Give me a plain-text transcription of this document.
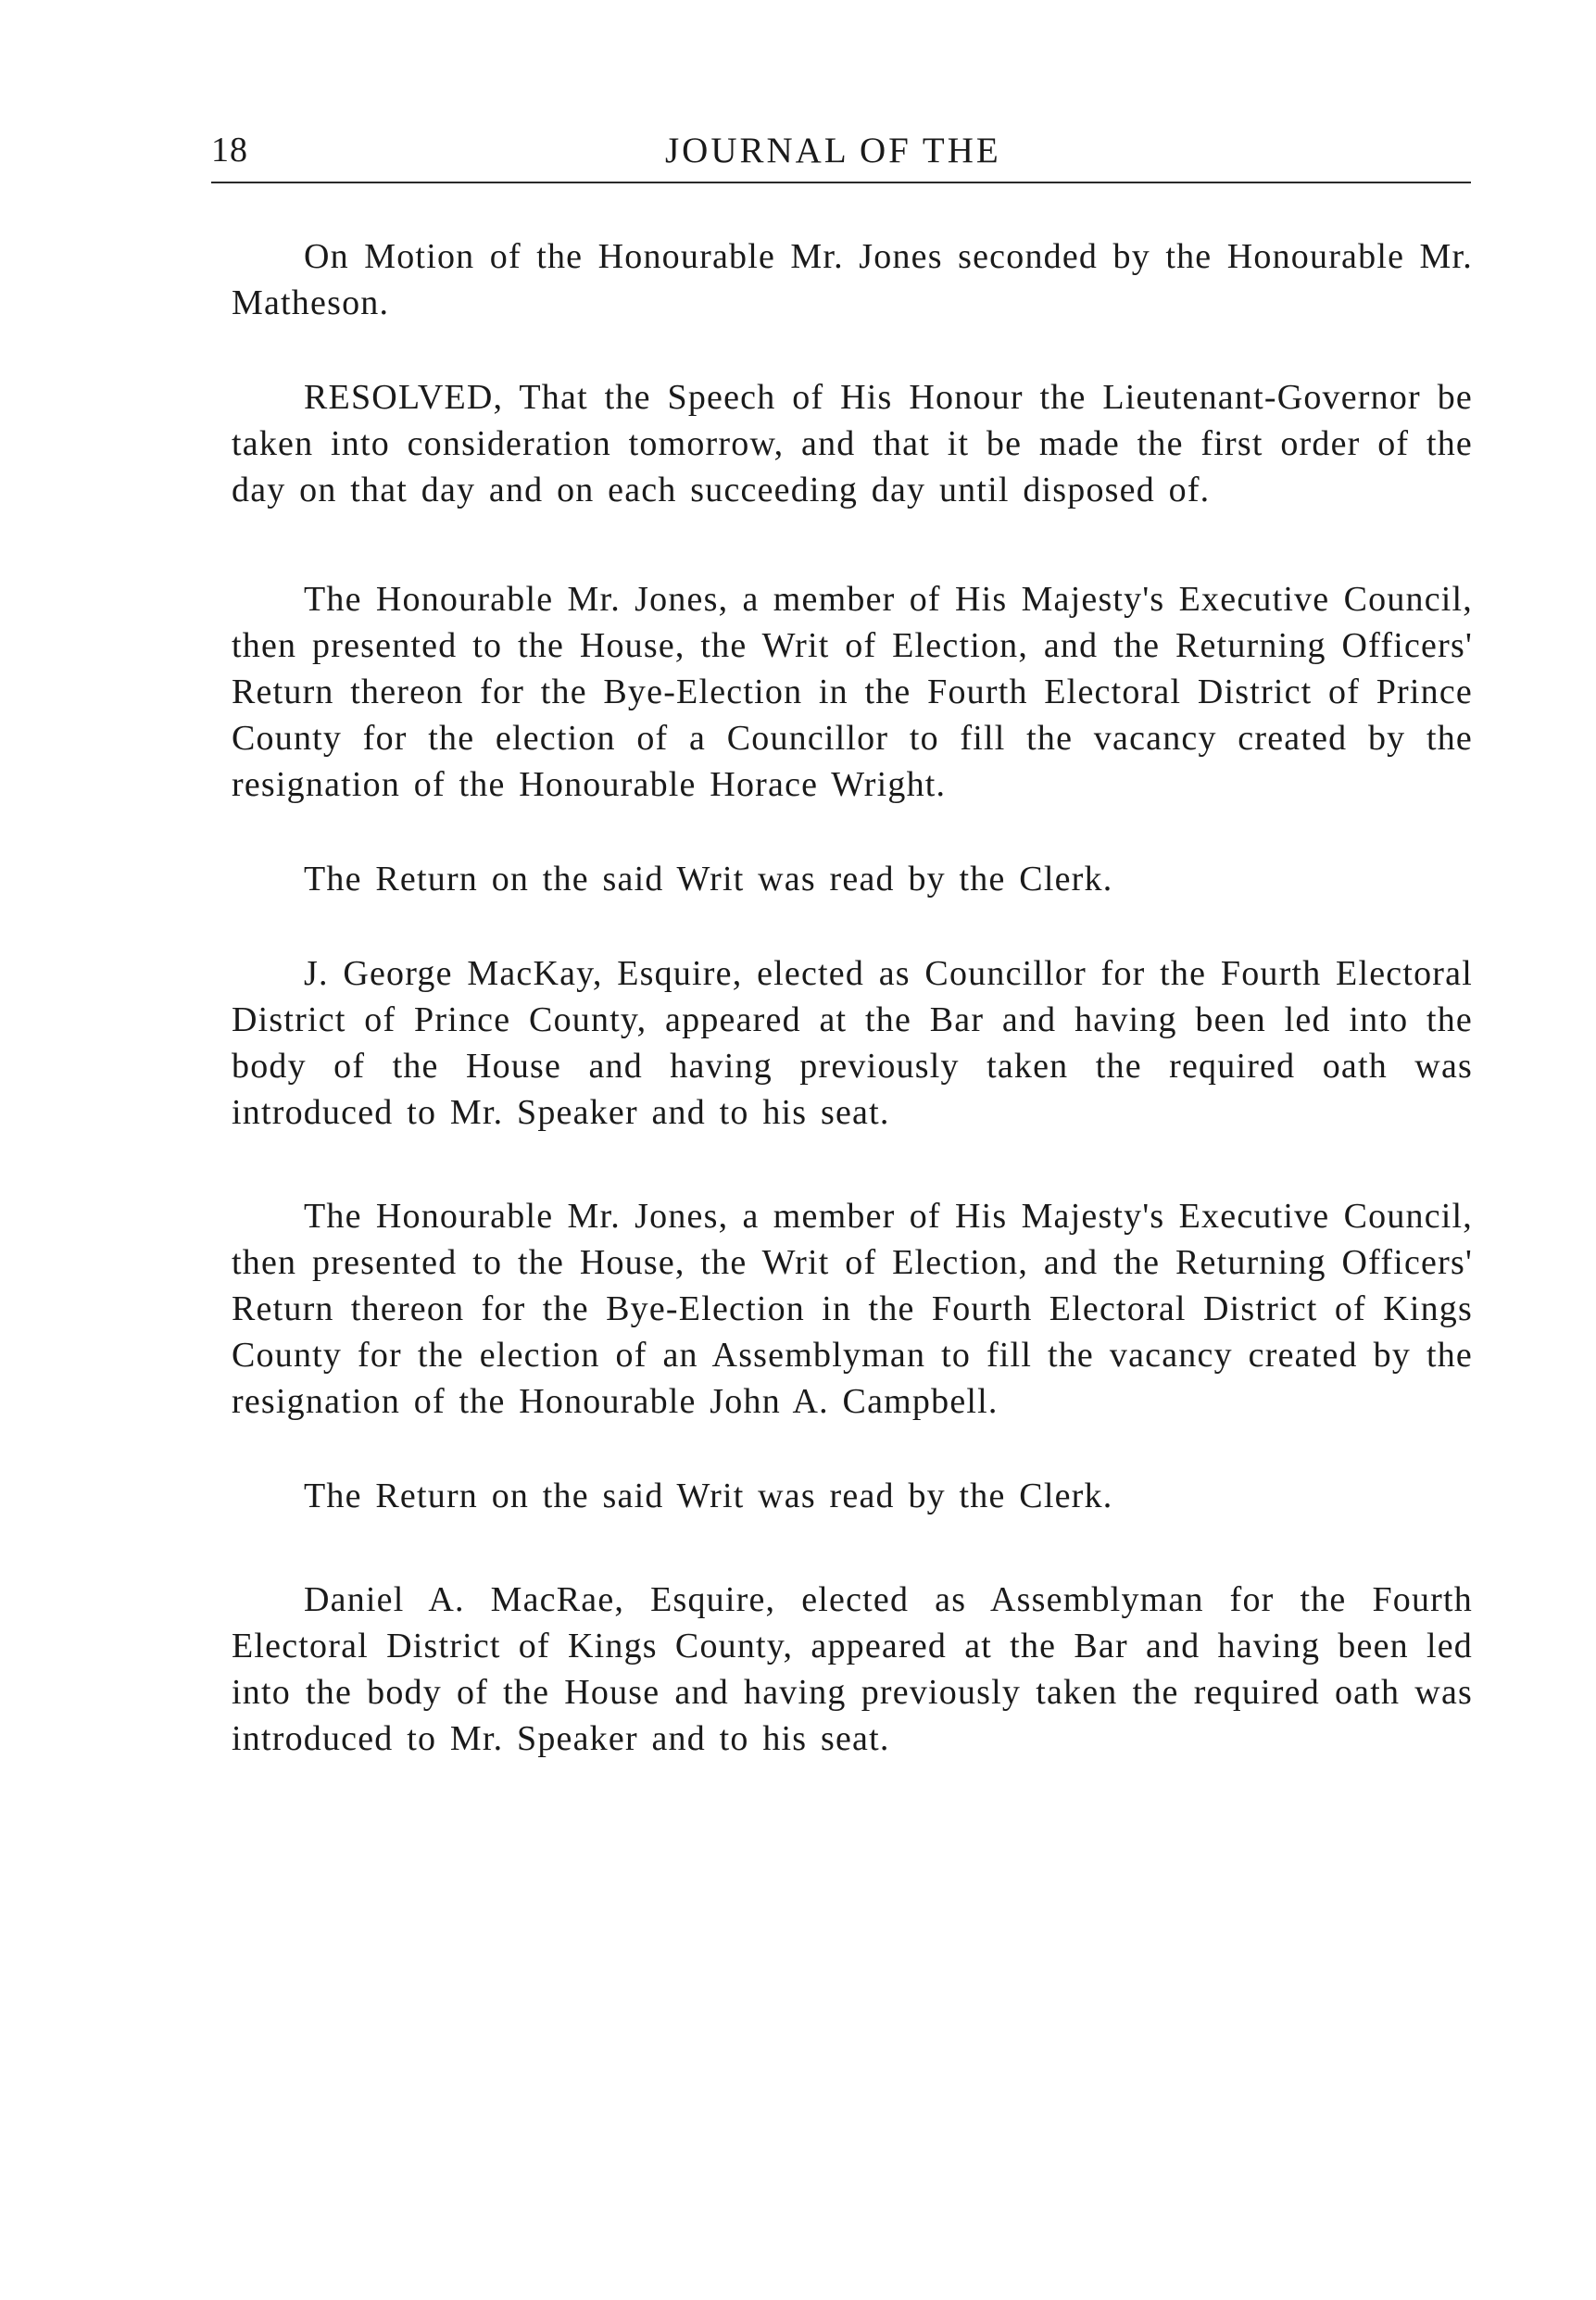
18	JOURNAL OF THE

On Motion of the Honourable Mr. Jones seconded by the Honourable Mr. Matheson.

RESOLVED, That the Speech of His Honour the Lieutenant-Governor be taken into consideration tomorrow, and that it be made the first order of the day on that day and on each succeeding day until disposed of.

The Honourable Mr. Jones, a member of His Majesty's Executive Council, then presented to the House, the Writ of Election, and the Returning Officers' Return thereon for the Bye-Election in the Fourth Electoral District of Prince County for the election of a Councillor to fill the vacancy created by the resignation of the Honourable Horace Wright.

The Return on the said Writ was read by the Clerk.

J. George MacKay, Esquire, elected as Councillor for the Fourth Electoral District of Prince County, appeared at the Bar and having been led into the body of the House and having previously taken the required oath was introduced to Mr. Speaker and to his seat.

The Honourable Mr. Jones, a member of His Majesty's Executive Council, then presented to the House, the Writ of Election, and the Returning Officers' Return thereon for the Bye-Election in the Fourth Electoral District of Kings County for the election of an Assemblyman to fill the vacancy created by the resignation of the Honourable John A. Campbell.

The Return on the said Writ was read by the Clerk.

Daniel A. MacRae, Esquire, elected as Assemblyman for the Fourth Electoral District of Kings County, appeared at the Bar and having been led into the body of the House and having previously taken the required oath was introduced to Mr. Speaker and to his seat.
